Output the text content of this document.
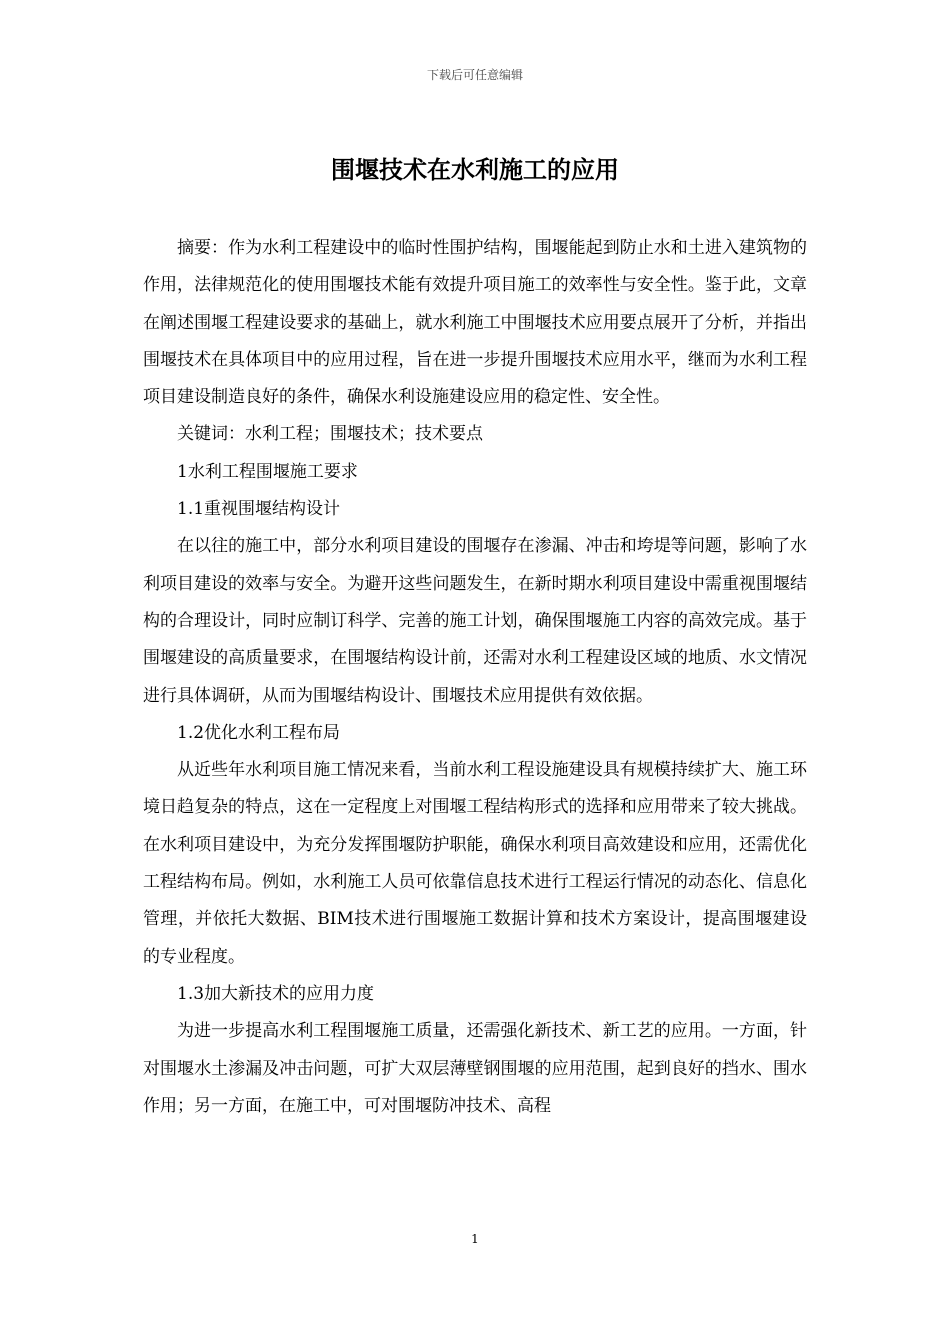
下载后可任意编辑
围堰技术在水利施工的应用

摘要：作为水利工程建设中的临时性围护结构，围堰能起到防止水和土进入建筑物的作用，法律规范化的使用围堰技术能有效提升项目施工的效率性与安全性。鉴于此，文章在阐述围堰工程建设要求的基础上，就水利施工中围堰技术应用要点展开了分析，并指出围堰技术在具体项目中的应用过程，旨在进一步提升围堰技术应用水平，继而为水利工程项目建设制造良好的条件，确保水利设施建设应用的稳定性、安全性。

关键词：水利工程；围堰技术；技术要点

1水利工程围堰施工要求

1.1重视围堰结构设计

在以往的施工中，部分水利项目建设的围堰存在渗漏、冲击和垮堤等问题，影响了水利项目建设的效率与安全。为避开这些问题发生，在新时期水利项目建设中需重视围堰结构的合理设计，同时应制订科学、完善的施工计划，确保围堰施工内容的高效完成。基于围堰建设的高质量要求，在围堰结构设计前，还需对水利工程建设区域的地质、水文情况进行具体调研，从而为围堰结构设计、围堰技术应用提供有效依据。

1.2优化水利工程布局

从近些年水利项目施工情况来看，当前水利工程设施建设具有规模持续扩大、施工环境日趋复杂的特点，这在一定程度上对围堰工程结构形式的选择和应用带来了较大挑战。在水利项目建设中，为充分发挥围堰防护职能，确保水利项目高效建设和应用，还需优化工程结构布局。例如，水利施工人员可依靠信息技术进行工程运行情况的动态化、信息化管理，并依托大数据、BIM技术进行围堰施工数据计算和技术方案设计，提高围堰建设的专业程度。

1.3加大新技术的应用力度

为进一步提高水利工程围堰施工质量，还需强化新技术、新工艺的应用。一方面，针对围堰水土渗漏及冲击问题，可扩大双层薄壁钢围堰的应用范围，起到良好的挡水、围水作用；另一方面，在施工中，可对围堰防冲技术、高程

1
